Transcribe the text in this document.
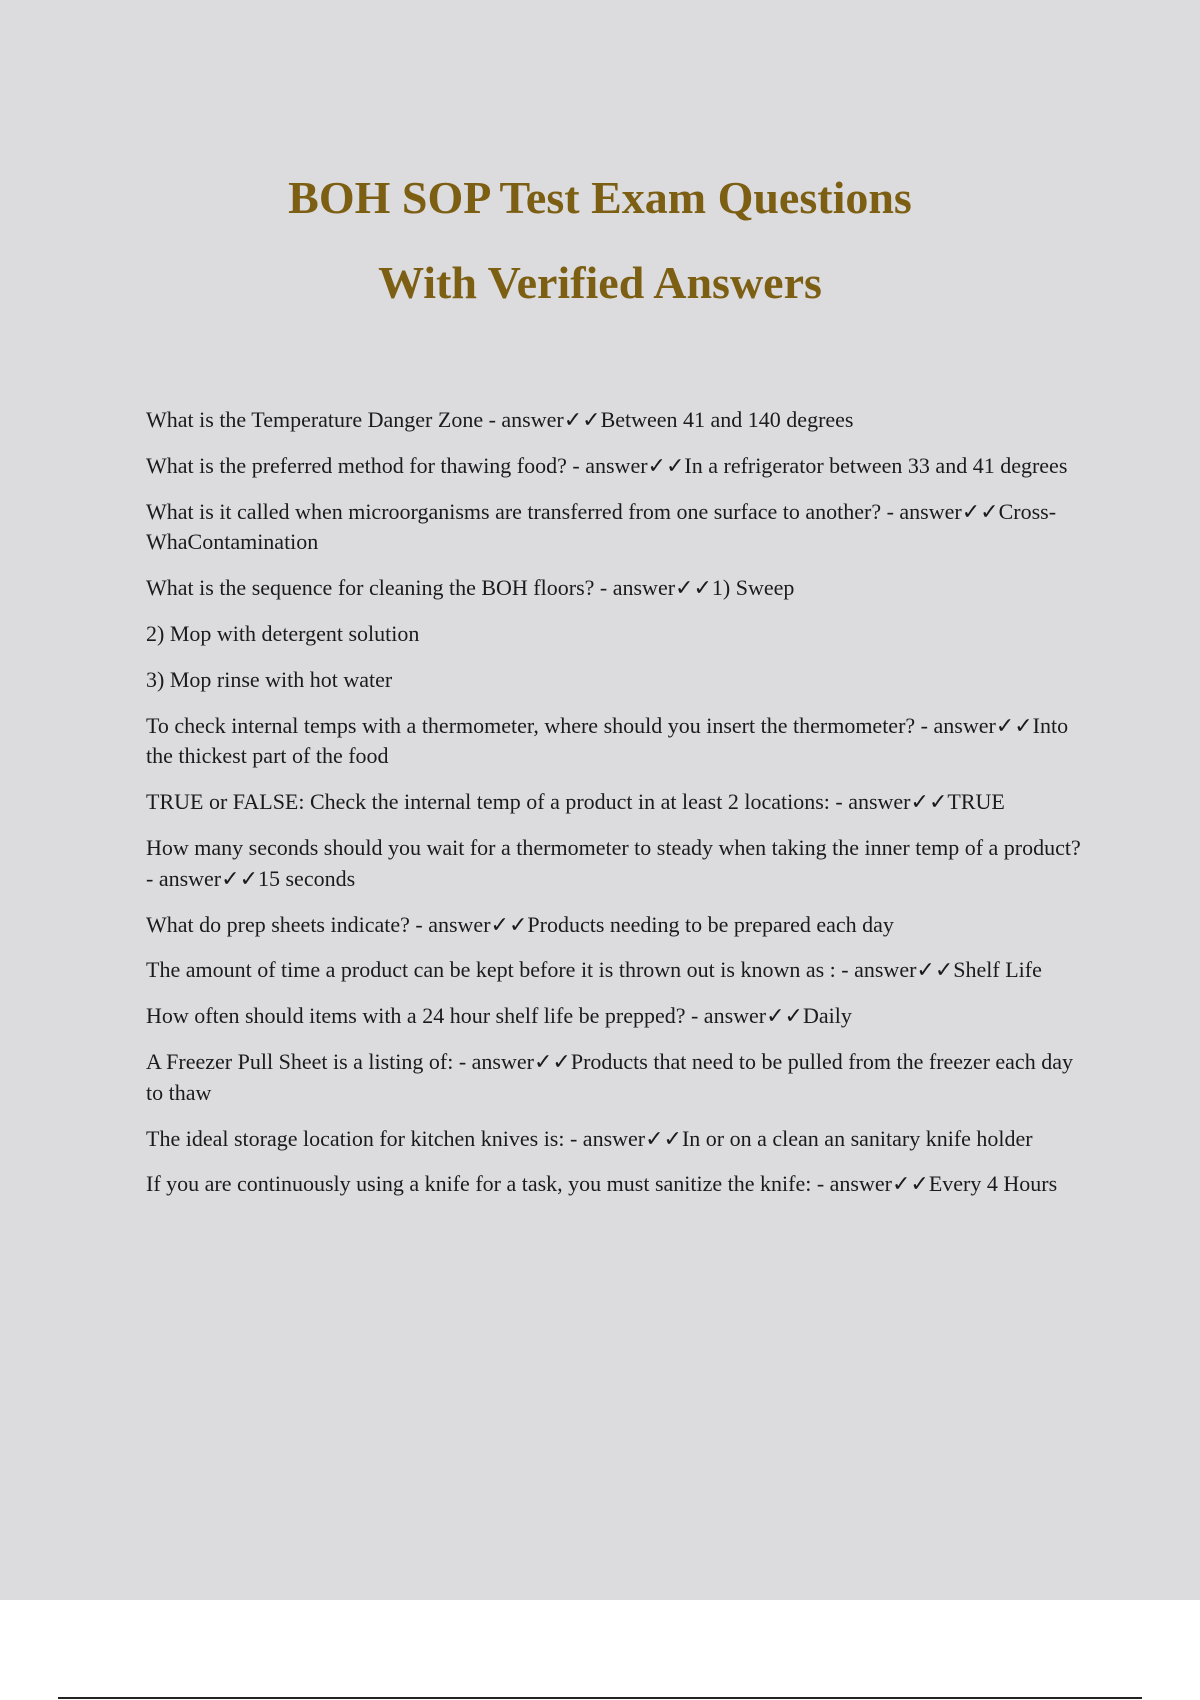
BOH SOP Test Exam Questions
With Verified Answers

What is the Temperature Danger Zone - answer✓✓Between 41 and 140 degrees

What is the preferred method for thawing food? - answer✓✓In a refrigerator between 33 and 41 degrees

What is it called when microorganisms are transferred from one surface to another? - answer✓✓Cross-WhaContamination

What is the sequence for cleaning the BOH floors? - answer✓✓1) Sweep

2) Mop with detergent solution

3) Mop rinse with hot water

To check internal temps with a thermometer, where should you insert the thermometer? - answer✓✓Into the thickest part of the food

TRUE or FALSE: Check the internal temp of a product in at least 2 locations: - answer✓✓TRUE

How many seconds should you wait for a thermometer to steady when taking the inner temp of a product? - answer✓✓15 seconds

What do prep sheets indicate? - answer✓✓Products needing to be prepared each day

The amount of time a product can be kept before it is thrown out is known as : - answer✓✓Shelf Life

How often should items with a 24 hour shelf life be prepped? - answer✓✓Daily

A Freezer Pull Sheet is a listing of: - answer✓✓Products that need to be pulled from the freezer each day to thaw

The ideal storage location for kitchen knives is: - answer✓✓In or on a clean an sanitary knife holder

If you are continuously using a knife for a task, you must sanitize the knife: - answer✓✓Every 4 Hours
